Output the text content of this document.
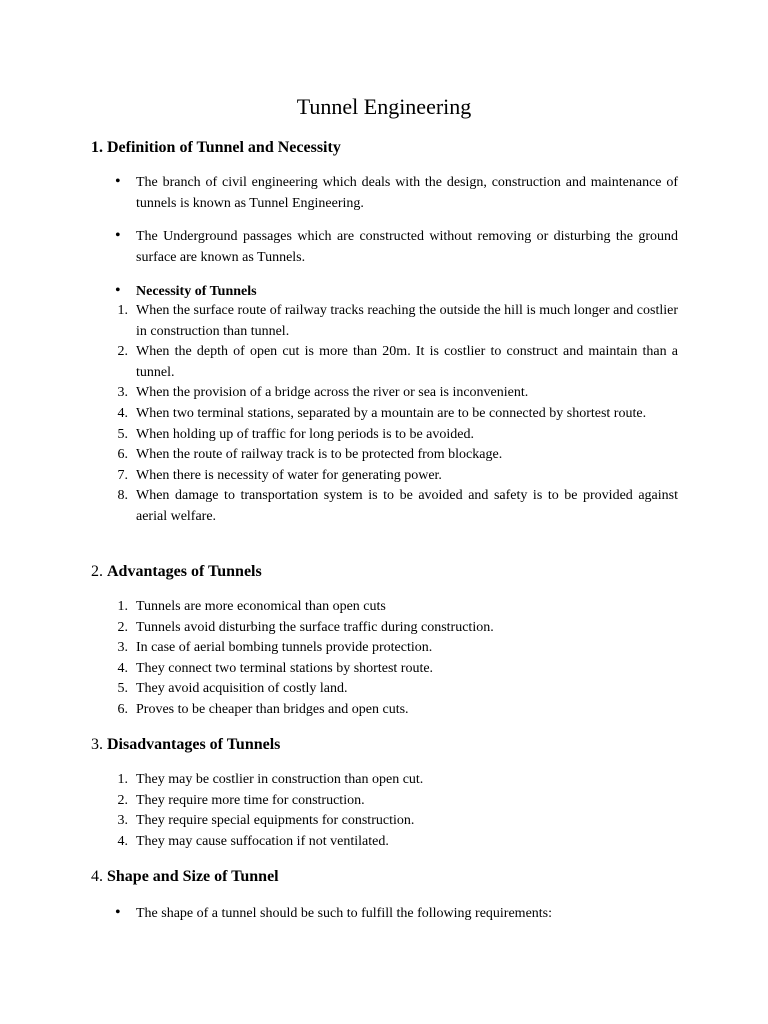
Tunnel Engineering
1. Definition of Tunnel and Necessity
• The branch of civil engineering which deals with the design, construction and maintenance of tunnels is known as Tunnel Engineering.
• The Underground passages which are constructed without removing or disturbing the ground surface are known as Tunnels.
• Necessity of Tunnels
1. When the surface route of railway tracks reaching the outside the hill is much longer and costlier in construction than tunnel.
2. When the depth of open cut is more than 20m. It is costlier to construct and maintain than a tunnel.
3. When the provision of a bridge across the river or sea is inconvenient.
4. When two terminal stations, separated by a mountain are to be connected by shortest route.
5. When holding up of traffic for long periods is to be avoided.
6. When the route of railway track is to be protected from blockage.
7. When there is necessity of water for generating power.
8. When damage to transportation system is to be avoided and safety is to be provided against aerial welfare.
2. Advantages of Tunnels
1. Tunnels are more economical than open cuts
2. Tunnels avoid disturbing the surface traffic during construction.
3. In case of aerial bombing tunnels provide protection.
4. They connect two terminal stations by shortest route.
5. They avoid acquisition of costly land.
6. Proves to be cheaper than bridges and open cuts.
3. Disadvantages of Tunnels
1. They may be costlier in construction than open cut.
2. They require more time for construction.
3. They require special equipments for construction.
4. They may cause suffocation if not ventilated.
4. Shape and Size of Tunnel
• The shape of a tunnel should be such to fulfill the following requirements:
